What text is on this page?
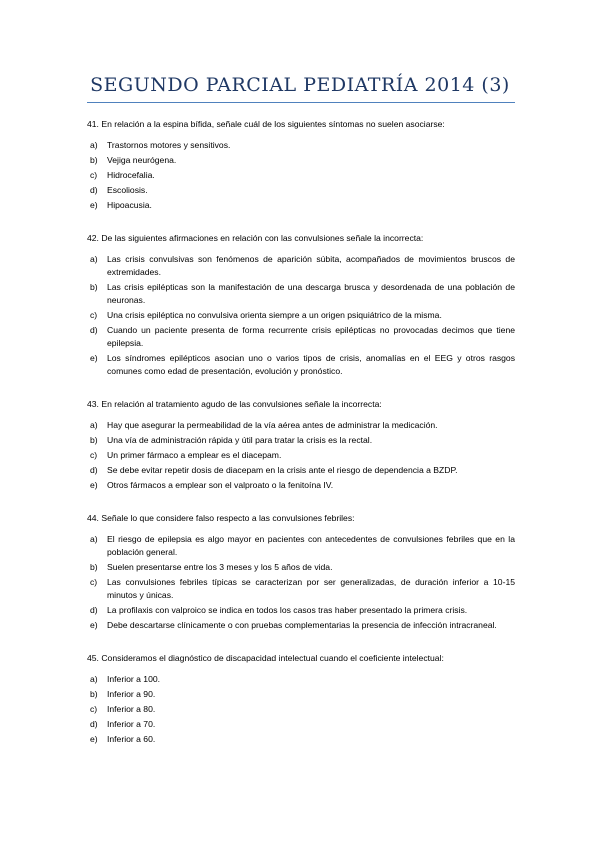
SEGUNDO PARCIAL PEDIATRÍA 2014 (3)

41. En relación a la espina bífida, señale cuál de los siguientes síntomas no suelen asociarse:

a)	Trastornos motores y sensitivos.
b)	Vejiga neurógena.
c)	Hidrocefalia.
d)	Escoliosis.
e)	Hipoacusia.

42. De las siguientes afirmaciones en relación con las convulsiones señale la incorrecta:

a)	Las crisis convulsivas son fenómenos de aparición súbita, acompañados de movimientos bruscos de extremidades.
b)	Las crisis epilépticas son la manifestación de una descarga brusca y desordenada de una población de neuronas.
c)	Una crisis epiléptica no convulsiva orienta siempre a un origen psiquiátrico de la misma.
d)	Cuando un paciente presenta de forma recurrente crisis epilépticas no provocadas decimos que tiene epilepsia.
e)	Los síndromes epilépticos asocian uno o varios tipos de crisis, anomalías en el EEG y otros rasgos comunes como edad de presentación, evolución y pronóstico.

43. En relación al tratamiento agudo de las convulsiones señale la incorrecta:

a)	Hay que asegurar la permeabilidad de la vía aérea antes de administrar la medicación.
b)	Una vía de administración rápida y útil para tratar la crisis es la rectal.
c)	Un primer fármaco a emplear es el diacepam.
d)	Se debe evitar repetir dosis de diacepam en la crisis ante el riesgo de dependencia a BZDP.
e)	Otros fármacos a emplear son el valproato o la fenitoína IV.

44. Señale lo que considere falso respecto a las convulsiones febriles:

a)	El riesgo de epilepsia es algo mayor en pacientes con antecedentes de convulsiones febriles que en la población general.
b)	Suelen presentarse entre los 3 meses y los 5 años de vida.
c)	Las convulsiones febriles típicas se caracterizan por ser generalizadas, de duración inferior a 10-15 minutos y únicas.
d)	La profilaxis con valproico se indica en todos los casos tras haber presentado la primera crisis.
e)	Debe descartarse clínicamente o con pruebas complementarias la presencia de infección intracraneal.

45. Consideramos el diagnóstico de discapacidad intelectual cuando el coeficiente intelectual:

a)	Inferior a 100.
b)	Inferior a 90.
c)	Inferior a 80.
d)	Inferior a 70.
e)	Inferior a 60.
